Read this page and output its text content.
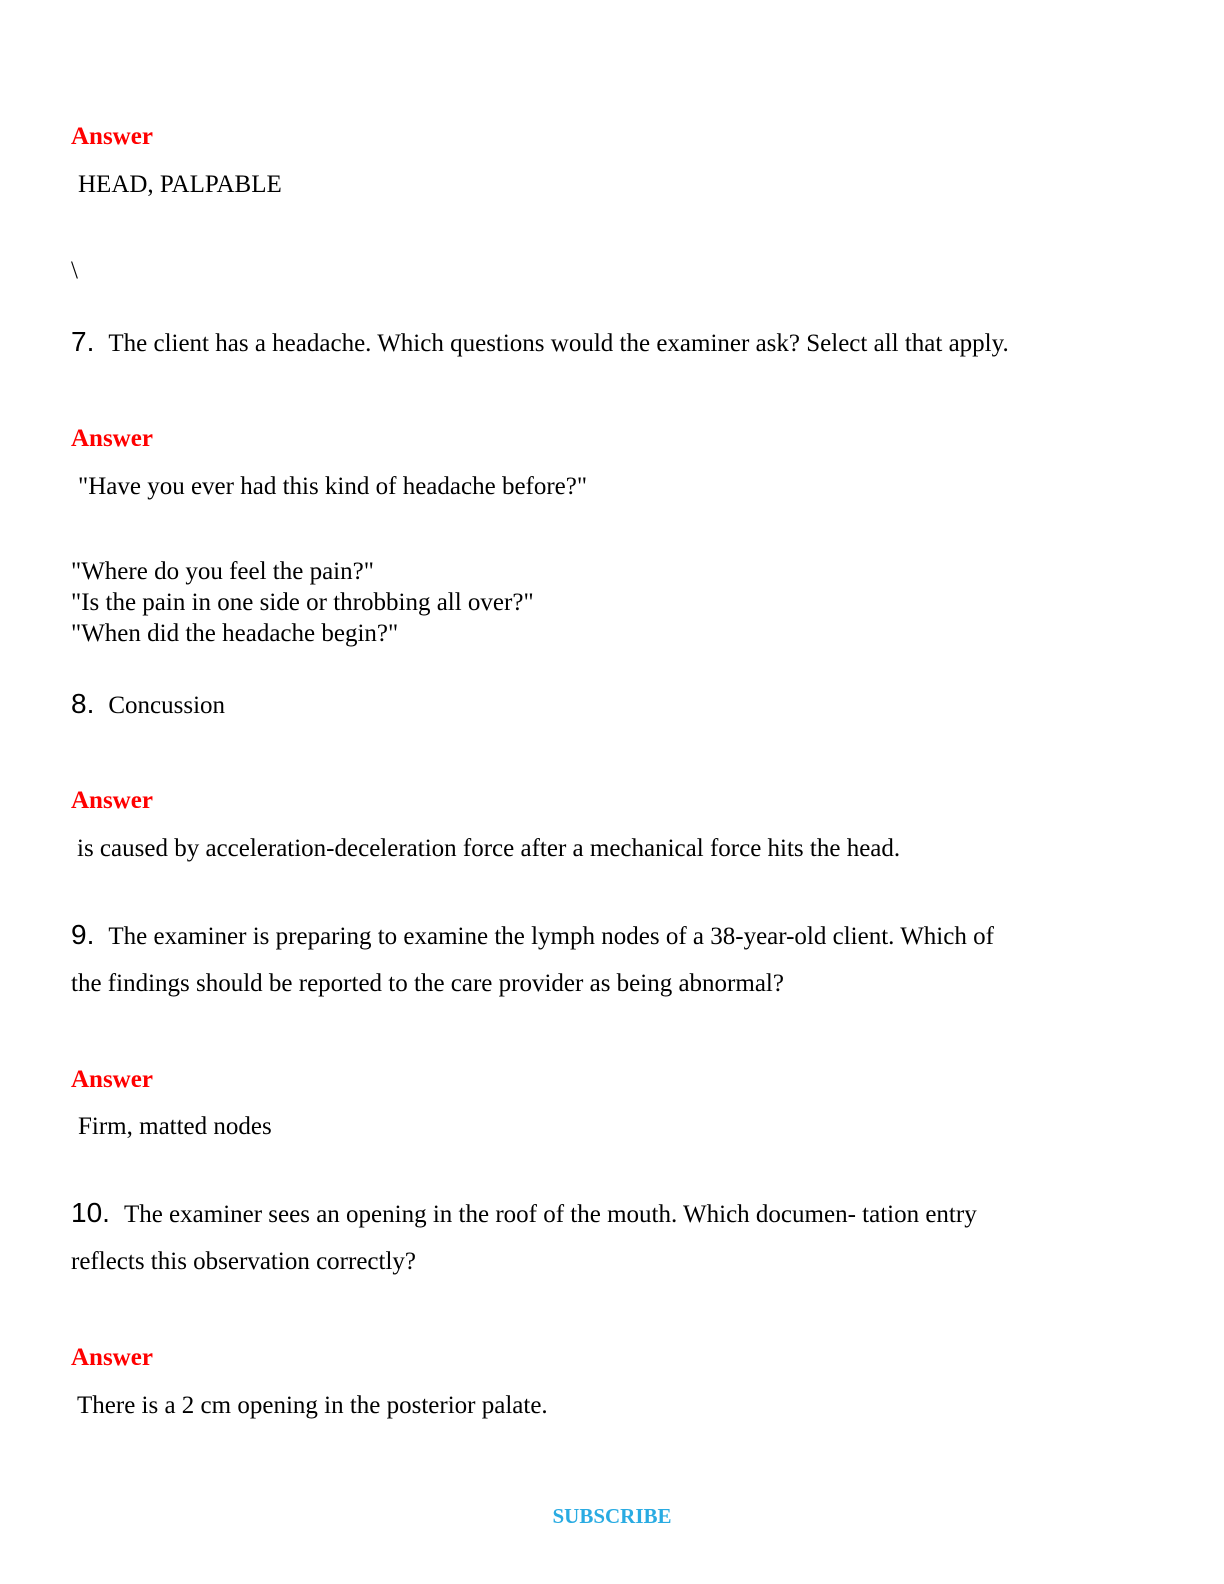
Answer
HEAD, PALPABLE
\
7. The client has a headache. Which questions would the examiner ask? Select all that apply.
Answer
"Have you ever had this kind of headache before?"
"Where do you feel the pain?"
"Is the pain in one side or throbbing all over?"
"When did the headache begin?"
8. Concussion
Answer
is caused by acceleration-deceleration force after a mechanical force hits the head.
9. The examiner is preparing to examine the lymph nodes of a 38-year-old client. Which of
the findings should be reported to the care provider as being abnormal?
Answer
Firm, matted nodes
10. The examiner sees an opening in the roof of the mouth. Which documen- tation entry
reflects this observation correctly?
Answer
There is a 2 cm opening in the posterior palate.
SUBSCRIBE
